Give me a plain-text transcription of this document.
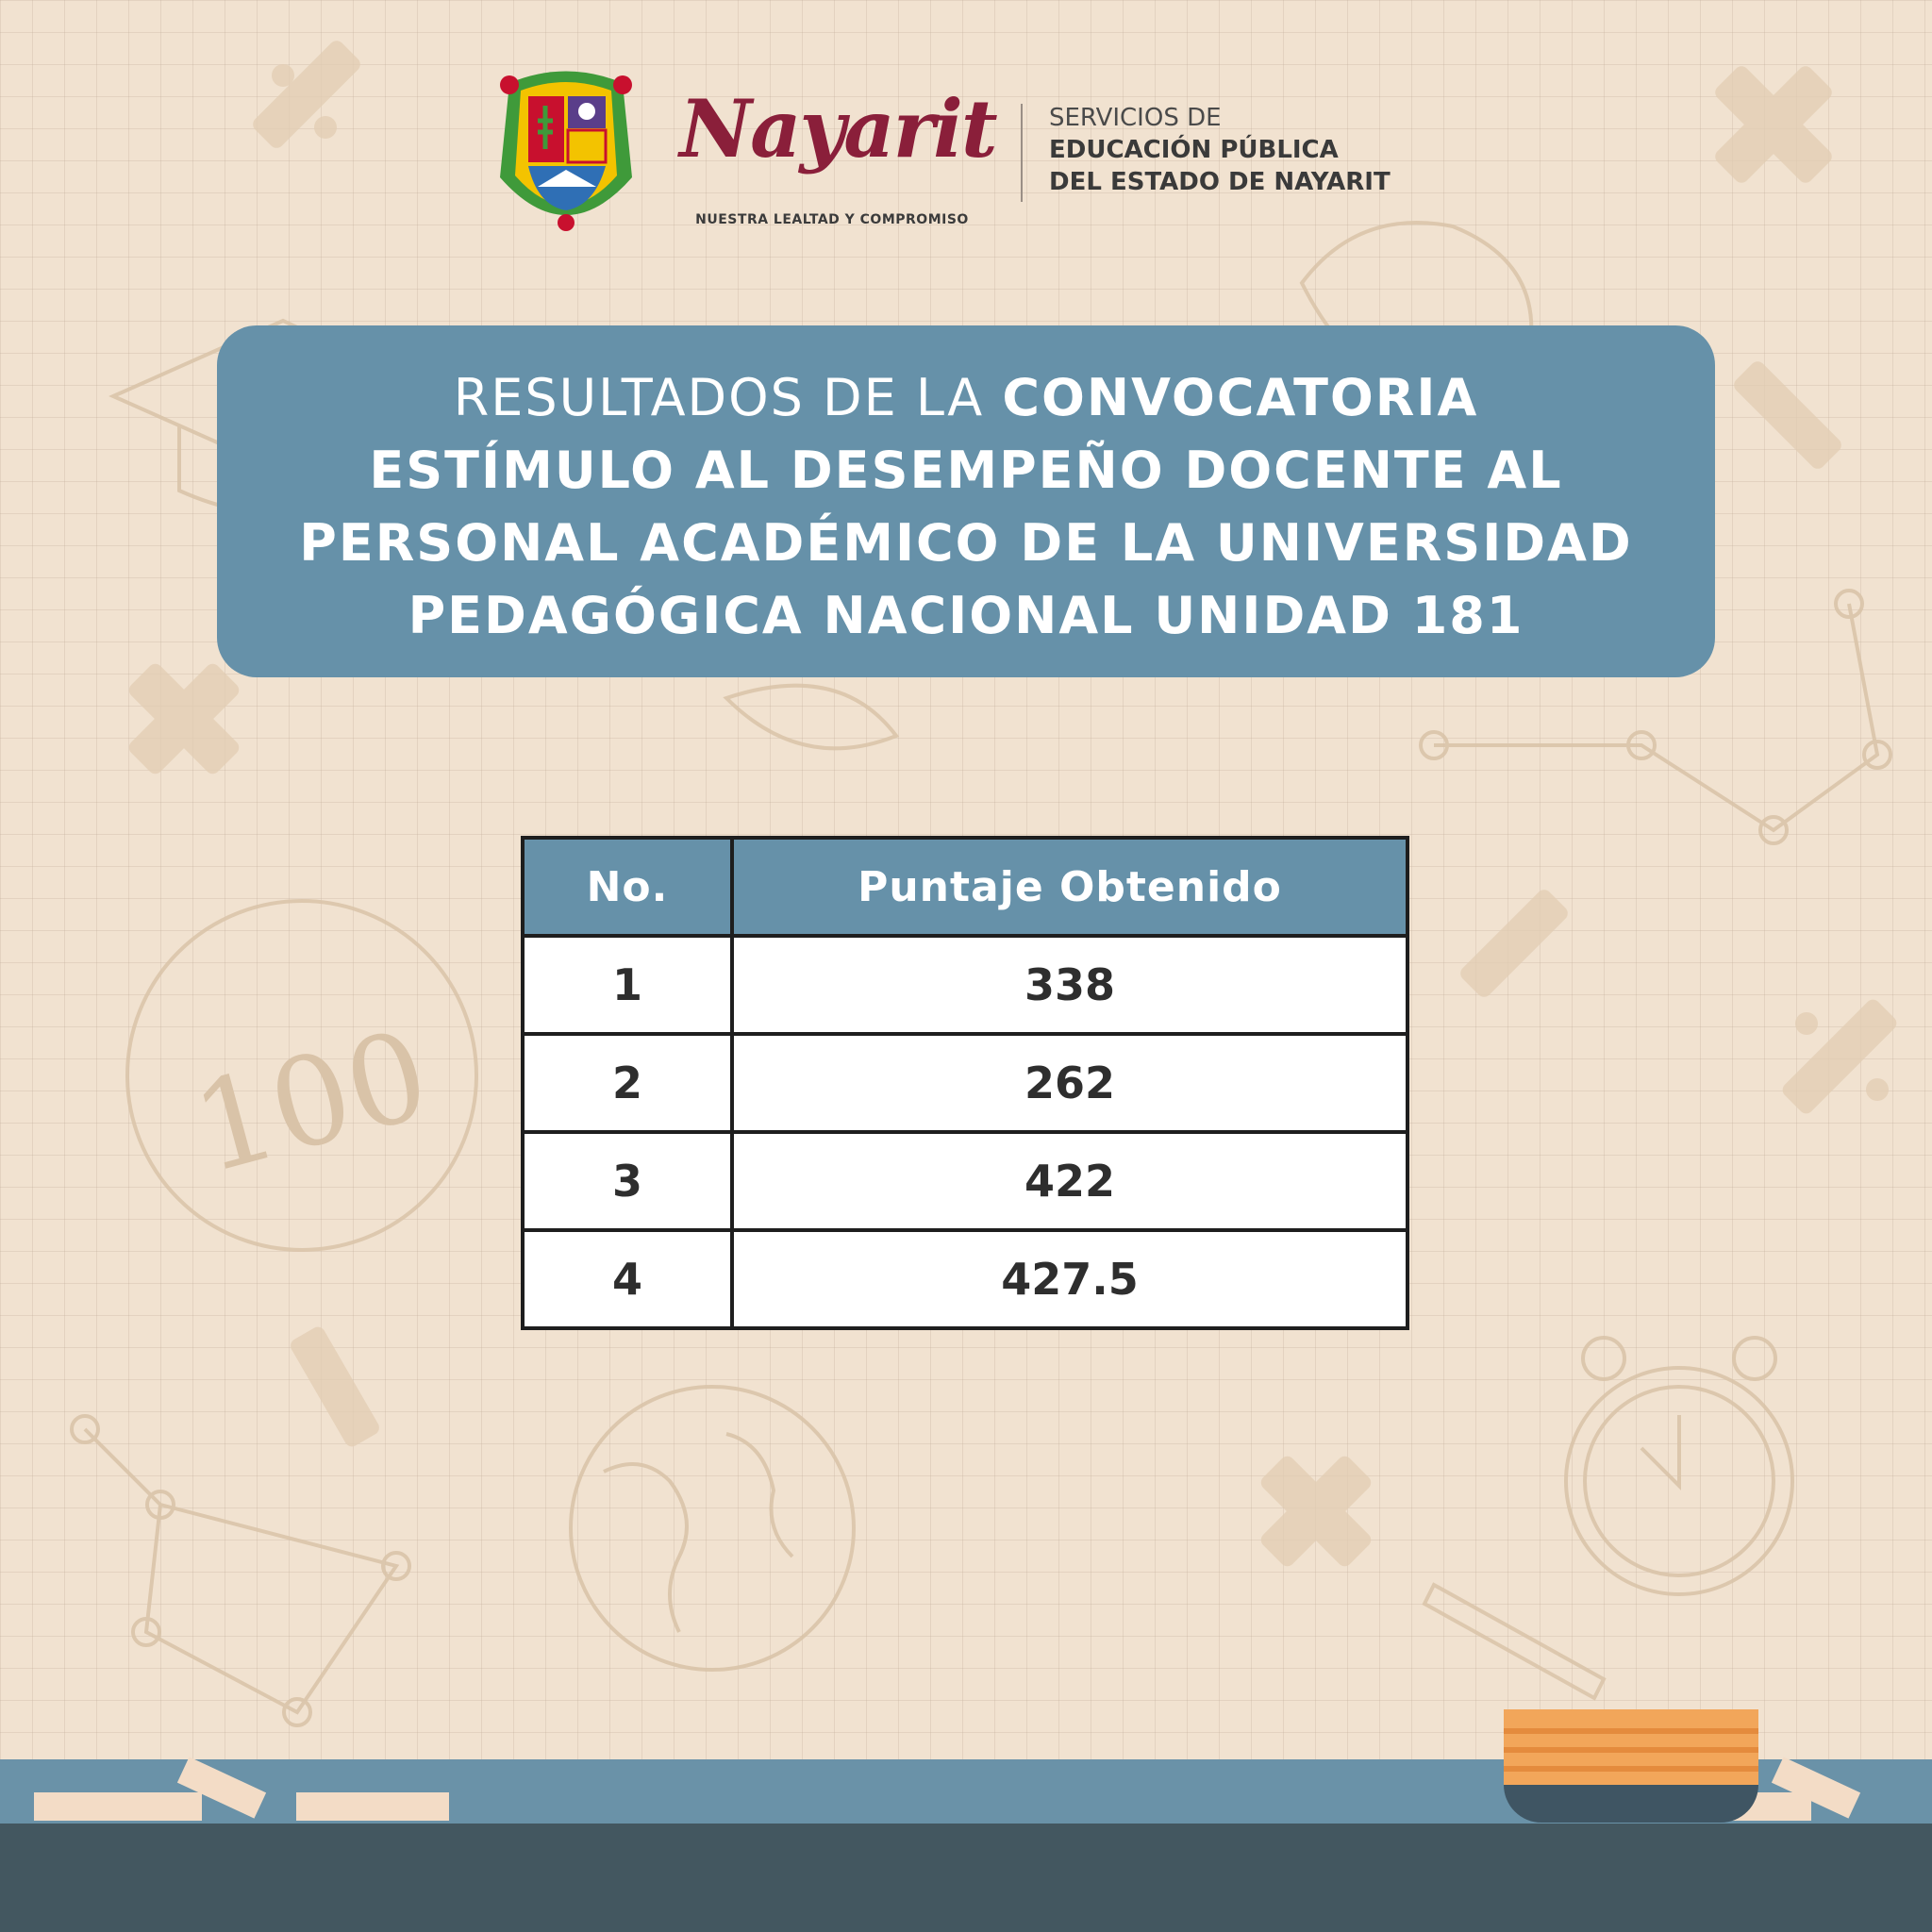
100
Nayarit
NUESTRA LEALTAD Y COMPROMISO
SERVICIOS DE
EDUCACIÓN PÚBLICA
DEL ESTADO DE NAYARIT
RESULTADOS DE LA CONVOCATORIA
ESTÍMULO AL DESEMPEÑO DOCENTE AL
PERSONAL ACADÉMICO DE LA UNIVERSIDAD
PEDAGÓGICA NACIONAL UNIDAD 181
No.	Puntaje Obtenido
1	338
2	262
3	422
4	427.5
